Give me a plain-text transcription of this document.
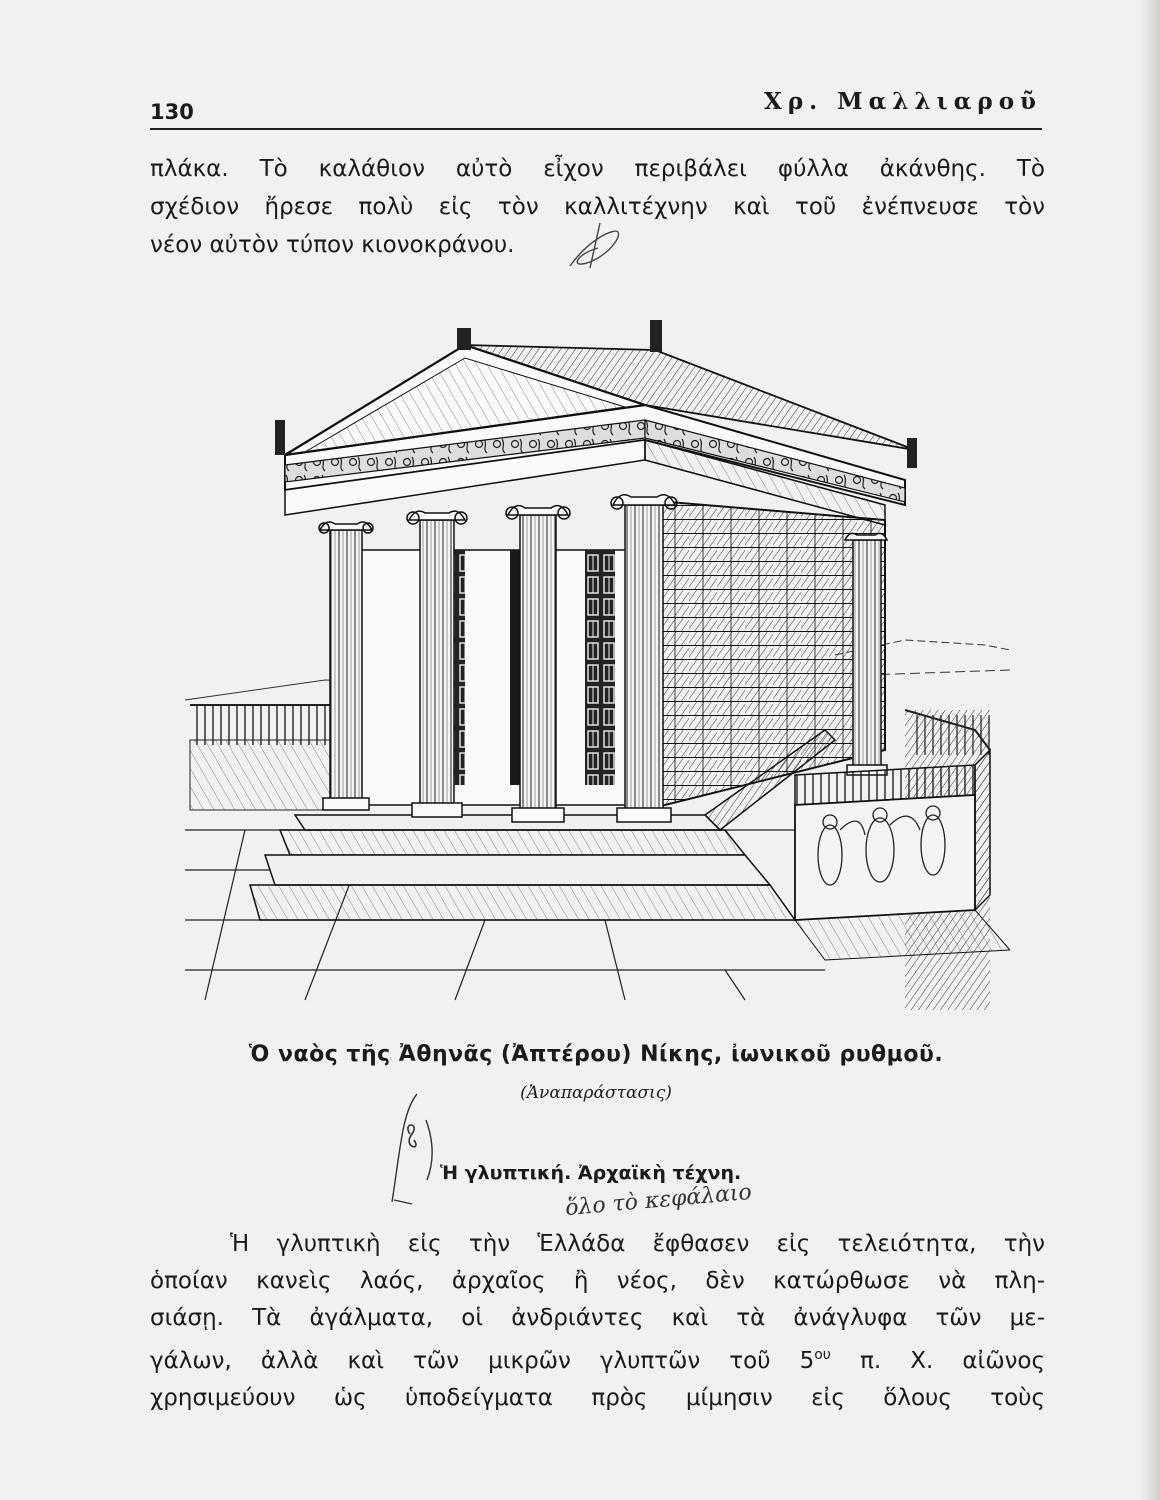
130	Χρ. Μαλλιαροῦ
πλάκα. Τὸ καλάθιον αὐτὸ εἶχον περιβάλει φύλλα ἀκάνθης. Τὸ
σχέδιον ἤρεσε πολὺ εἰς τὸν καλλιτέχνην καὶ τοῦ ἐνέπνευσε τὸν
νέον αὐτὸν τύπον κιονοκράνου.
Ὁ ναὸς τῆς Ἀθηνᾶς (Ἀπτέρου) Νίκης, ἰωνικοῦ ρυθμοῦ.
(Ἀναπαράστασις)
Ἡ γλυπτική. Ἀρχαϊκὴ τέχνη.
ὅλο τὸ κεφάλαιο
Ἡ γλυπτικὴ εἰς τὴν Ἑλλάδα ἔφθασεν εἰς τελειότητα, τὴν
ὁποίαν κανεὶς λαός, ἀρχαῖος ἢ νέος, δὲν κατώρθωσε νὰ πλη-
σιάσῃ. Τὰ ἀγάλματα, οἱ ἀνδριάντες καὶ τὰ ἀνάγλυφα τῶν με-
γάλων, ἀλλὰ καὶ τῶν μικρῶν γλυπτῶν τοῦ $5^{o\upsilon}$ π. Χ. αἰῶνος
χρησιμεύουν ὡς ὑποδείγματα πρὸς μίμησιν εἰς ὅλους τοὺς
